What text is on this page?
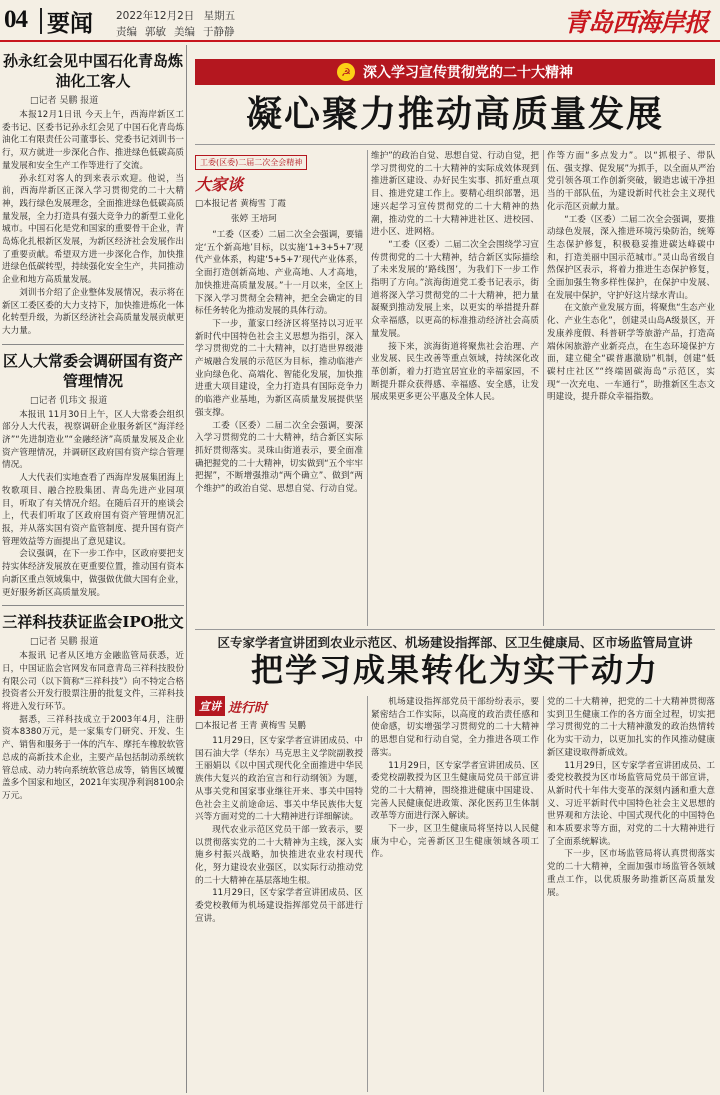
04 要闻 2022年12月2日 星期五
责编 郭敏 美编 于静静	青岛西海岸报
孙永红会见中国石化青岛炼油化工客人
□记者 吴鹏 报道

本报12月1日讯 今天上午，西海岸新区工委书记、区委书记孙永红会见了中国石化青岛炼油化工有限责任公司董事长、党委书记刘训书一行，双方就进一步深化合作、推进绿色低碳高质量发展和安全生产工作等进行了交流。

孙永红对客人的到来表示欢迎。他说，当前，西海岸新区正深入学习贯彻党的二十大精神，践行绿色发展理念，全面推进绿色低碳高质量发展，全力打造具有强大竞争力的新型工业化城市。中国石化是党和国家的重要骨干企业，青岛炼化扎根新区发展，为新区经济社会发展作出了重要贡献。希望双方进一步深化合作，加快推进绿色低碳转型，持续强化安全生产，共同推动企业和地方高质量发展。

刘训书介绍了企业整体发展情况，表示将在新区工委区委的大力支持下，加快推进炼化一体化转型升级，为新区经济社会高质量发展贡献更大力量。

区人大常委会调研国有资产管理情况
□记者 仉玮文 报道

本报讯 11月30日上午，区人大常委会组织部分人大代表，视察调研企业服务新区“海洋经济”“先进制造业”“金融经济”高质量发展及企业资产管理情况，并调研区政府国有资产综合管理情况。

人大代表们实地查看了西海岸发展集团海上牧歌项目、融合控股集团、青岛先进产业园项目，听取了有关情况介绍。在随后召开的座谈会上，代表们听取了区政府国有资产管理情况汇报，并从落实国有资产监管制度、提升国有资产管理效益等方面提出了意见建议。

会议强调，在下一步工作中，区政府要把支持实体经济发展放在更重要位置，推动国有资本向新区重点领域集中，做强做优做大国有企业，更好服务新区高质量发展。

三祥科技获证监会IPO批文
□记者 吴鹏 报道

本报讯 记者从区地方金融监管局获悉，近日，中国证监会官网发布同意青岛三祥科技股份有限公司（以下简称“三祥科技”）向不特定合格投资者公开发行股票注册的批复文件，三祥科技将进入发行环节。

据悉，三祥科技成立于2003年4月，注册资本8380万元，是一家集专门研究、开发、生产、销售和服务于一体的汽车、摩托车橡胶软管总成的高新技术企业，主要产品包括制动系统软管总成、动力转向系统软管总成等，销售区域覆盖多个国家和地区，2021年实现净利润8100余万元。

☭ 深入学习宣传贯彻党的二十大精神
凝心聚力推动高质量发展
工委(区委)二届二次全会精神
大家谈
□本报记者 黄梅雪 丁霞
张婷 王培珂

“工委（区委）二届二次全会强调，要锚定‘五个新高地’目标，以实施‘1+3+5+7’现代产业体系，构建‘5+5+7’现代产业体系，全面打造创新高地、产业高地、人才高地，加快推进高质量发展。”十一月以来，全区上下深入学习贯彻全会精神，把全会确定的目标任务转化为推动发展的具体行动。

下一步，董家口经济区将坚持以习近平新时代中国特色社会主义思想为指引，深入学习贯彻党的二十大精神，以打造世界级港产城融合发展的示范区为目标，推动临港产业向绿色化、高端化、智能化发展，加快推进重大项目建设，全力打造具有国际竞争力的临港产业基地，为新区高质量发展提供坚强支撑。

工委（区委）二届二次全会强调，要深入学习贯彻党的二十大精神，结合新区实际抓好贯彻落实。灵珠山街道表示，要全面准确把握党的二十大精神，切实做到“五个牢牢把握”，不断增强推动“两个确立”、做到“两个维护”的政治自觉、思想自觉、行动自觉。

维护”的政治自觉、思想自觉、行动自觉，把学习贯彻党的二十大精神的实际成效体现到推进新区建设、办好民生实事、抓好重点项目、推进党建工作上。要精心组织部署，迅速兴起学习宣传贯彻党的二十大精神的热潮，推动党的二十大精神进社区、进校园、进小区、进网格。

“工委（区委）二届二次全会围绕学习宣传贯彻党的二十大精神，结合新区实际描绘了未来发展的‘路线图’，为我们下一步工作指明了方向。”滨海街道党工委书记表示，街道将深入学习贯彻党的二十大精神，把力量凝聚到推动发展上来，以更实的举措提升群众幸福感，以更高的标准推动经济社会高质量发展。

接下来，滨海街道将聚焦社会治理、产业发展、民生改善等重点领域，持续深化改革创新，着力打造宜居宜业的幸福家园，不断提升群众获得感、幸福感、安全感，让发展成果更多更公平惠及全体人民。

作等方面“多点发力”。以“抓根子、带队伍、强支撑、促发展”为抓手，以全面从严治党引领各项工作创新突破，锻造忠诚干净担当的干部队伍，为建设新时代社会主义现代化示范区贡献力量。

“工委（区委）二届二次全会强调，要推动绿色发展，深入推进环境污染防治，统筹生态保护修复，积极稳妥推进碳达峰碳中和，打造美丽中国示范城市。”灵山岛省级自然保护区表示，将着力推进生态保护修复，全面加强生物多样性保护，在保护中发展、在发展中保护，守护好这片绿水青山。

在文旅产业发展方面，将聚焦“生态产业化、产业生态化”，创建灵山岛A级景区，开发康养度假、科普研学等旅游产品，打造高端休闲旅游产业新亮点，在生态环境保护方面，建立健全“碳普惠激励”机制，创建“低碳村庄社区”“终端固碳海岛”示范区，实现“一次充电、一车通行”，助推新区生态文明建设，提升群众幸福指数。

区专家学者宣讲团到农业示范区、机场建设指挥部、区卫生健康局、区市场监管局宣讲
把学习成果转化为实干动力
宣讲 进行时
□本报记者 王青 黄梅雪 吴鹏

11月29日，区专家学者宣讲团成员、中国石油大学（华东）马克思主义学院副教授王丽娟以《以中国式现代化全面推进中华民族伟大复兴的政治宣言和行动纲领》为题，从事关党和国家事业继往开来、事关中国特色社会主义前途命运、事关中华民族伟大复兴等方面对党的二十大精神进行详细解读。

现代农业示范区党员干部一致表示，要以贯彻落实党的二十大精神为主线，深入实施乡村振兴战略，加快推进农业农村现代化，努力建设农业强区，以实际行动推动党的二十大精神在基层落地生根。

11月29日，区专家学者宣讲团成员、区委党校教师为机场建设指挥部党员干部进行宣讲。

机场建设指挥部党员干部纷纷表示，要紧密结合工作实际，以高度的政治责任感和使命感，切实增强学习贯彻党的二十大精神的思想自觉和行动自觉，全力推进各项工作落实。

11月29日，区专家学者宣讲团成员、区委党校副教授为区卫生健康局党员干部宣讲党的二十大精神，围绕推进健康中国建设、完善人民健康促进政策、深化医药卫生体制改革等方面进行深入解读。

下一步，区卫生健康局将坚持以人民健康为中心，完善新区卫生健康领域各项工作。

党的二十大精神，把党的二十大精神贯彻落实到卫生健康工作的各方面全过程，切实把学习贯彻党的二十大精神激发的政治热情转化为实干动力，以更加扎实的作风推动健康新区建设取得新成效。

11月29日，区专家学者宣讲团成员、工委党校教授为区市场监管局党员干部宣讲，从新时代十年伟大变革的深刻内涵和重大意义、习近平新时代中国特色社会主义思想的世界观和方法论、中国式现代化的中国特色和本质要求等方面，对党的二十大精神进行了全面系统解读。

下一步，区市场监管局将认真贯彻落实党的二十大精神，全面加强市场监管各领域重点工作，以优质服务助推新区高质量发展。
